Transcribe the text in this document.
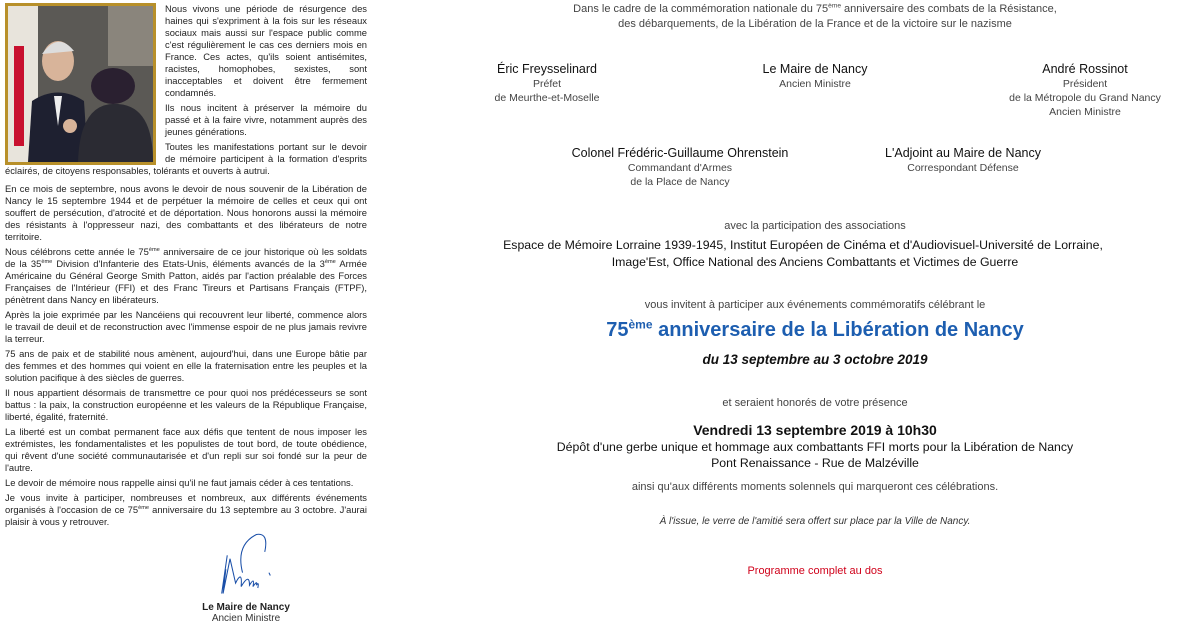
Nous vivons une période de résurgence des haines qui s'expriment à la fois sur les réseaux sociaux mais aussi sur l'espace public comme c'est régulièrement le cas ces derniers mois en France. Ces actes, qu'ils soient antisémites, racistes, homophobes, sexistes, sont inacceptables et doivent être fermement condamnés.
Ils nous incitent à préserver la mémoire du passé et à la faire vivre, notamment auprès des jeunes générations.
Toutes les manifestations portant sur le devoir de mémoire participent à la formation d'esprits éclairés, de citoyens responsables, tolérants et ouverts à autrui.
En ce mois de septembre, nous avons le devoir de nous souvenir de la Libération de Nancy le 15 septembre 1944 et de perpétuer la mémoire de celles et ceux qui ont souffert de persécution, d'atrocité et de déportation. Nous honorons aussi la mémoire des résistants à l'oppresseur nazi, des combattants et des libérateurs de notre territoire.
Nous célébrons cette année le 75ème anniversaire de ce jour historique où les soldats de la 35ème Division d'Infanterie des Etats-Unis, éléments avancés de la 3ème Armée Américaine du Général George Smith Patton, aidés par l'action préalable des Forces Françaises de l'Intérieur (FFI) et des Franc Tireurs et Partisans Français (FTPF), pénètrent dans Nancy en libérateurs.
Après la joie exprimée par les Nancéiens qui recouvrent leur liberté, commence alors le travail de deuil et de reconstruction avec l'immense espoir de ne plus jamais revivre la terreur.
75 ans de paix et de stabilité nous amènent, aujourd'hui, dans une Europe bâtie par des femmes et des hommes qui voient en elle la fraternisation entre les peuples et la solution pacifique à des siècles de guerres.
Il nous appartient désormais de transmettre ce pour quoi nos prédécesseurs se sont battus : la paix, la construction européenne et les valeurs de la République Française, liberté, égalité, fraternité.
La liberté est un combat permanent face aux défis que tentent de nous imposer les extrémistes, les fondamentalistes et les populistes de tout bord, de toute obédience, qui rêvent d'une société communautarisée et d'un repli sur soi fondé sur la peur de l'autre.
Le devoir de mémoire nous rappelle ainsi qu'il ne faut jamais céder à ces tentations.
Je vous invite à participer, nombreuses et nombreux, aux différents événements organisés à l'occasion de ce 75ème anniversaire du 13 septembre au 3 octobre. J'aurai plaisir à vous y retrouver.
Le Maire de Nancy
Ancien Ministre
Dans le cadre de la commémoration nationale du 75ème anniversaire des combats de la Résistance,
des débarquements, de la Libération de la France et de la victoire sur le nazisme
Éric Freysselinard
Préfet
de Meurthe-et-Moselle
Le Maire de Nancy
Ancien Ministre
André Rossinot
Président
de la Métropole du Grand Nancy
Ancien Ministre
Colonel Frédéric-Guillaume Ohrenstein
Commandant d'Armes
de la Place de Nancy
L'Adjoint au Maire de Nancy
Correspondant Défense
avec la participation des associations
Espace de Mémoire Lorraine 1939-1945, Institut Européen de Cinéma et d'Audiovisuel-Université de Lorraine,
Image'Est, Office National des Anciens Combattants et Victimes de Guerre
vous invitent à participer aux événements commémoratifs célébrant le
75ème anniversaire de la Libération de Nancy
du 13 septembre au 3 octobre 2019
et seraient honorés de votre présence
Vendredi 13 septembre 2019 à 10h30
Dépôt d'une gerbe unique et hommage aux combattants FFI morts pour la Libération de Nancy
Pont Renaissance - Rue de Malzéville
ainsi qu'aux différents moments solennels qui marqueront ces célébrations.
À l'issue, le verre de l'amitié sera offert sur place par la Ville de Nancy.
Programme complet au dos
